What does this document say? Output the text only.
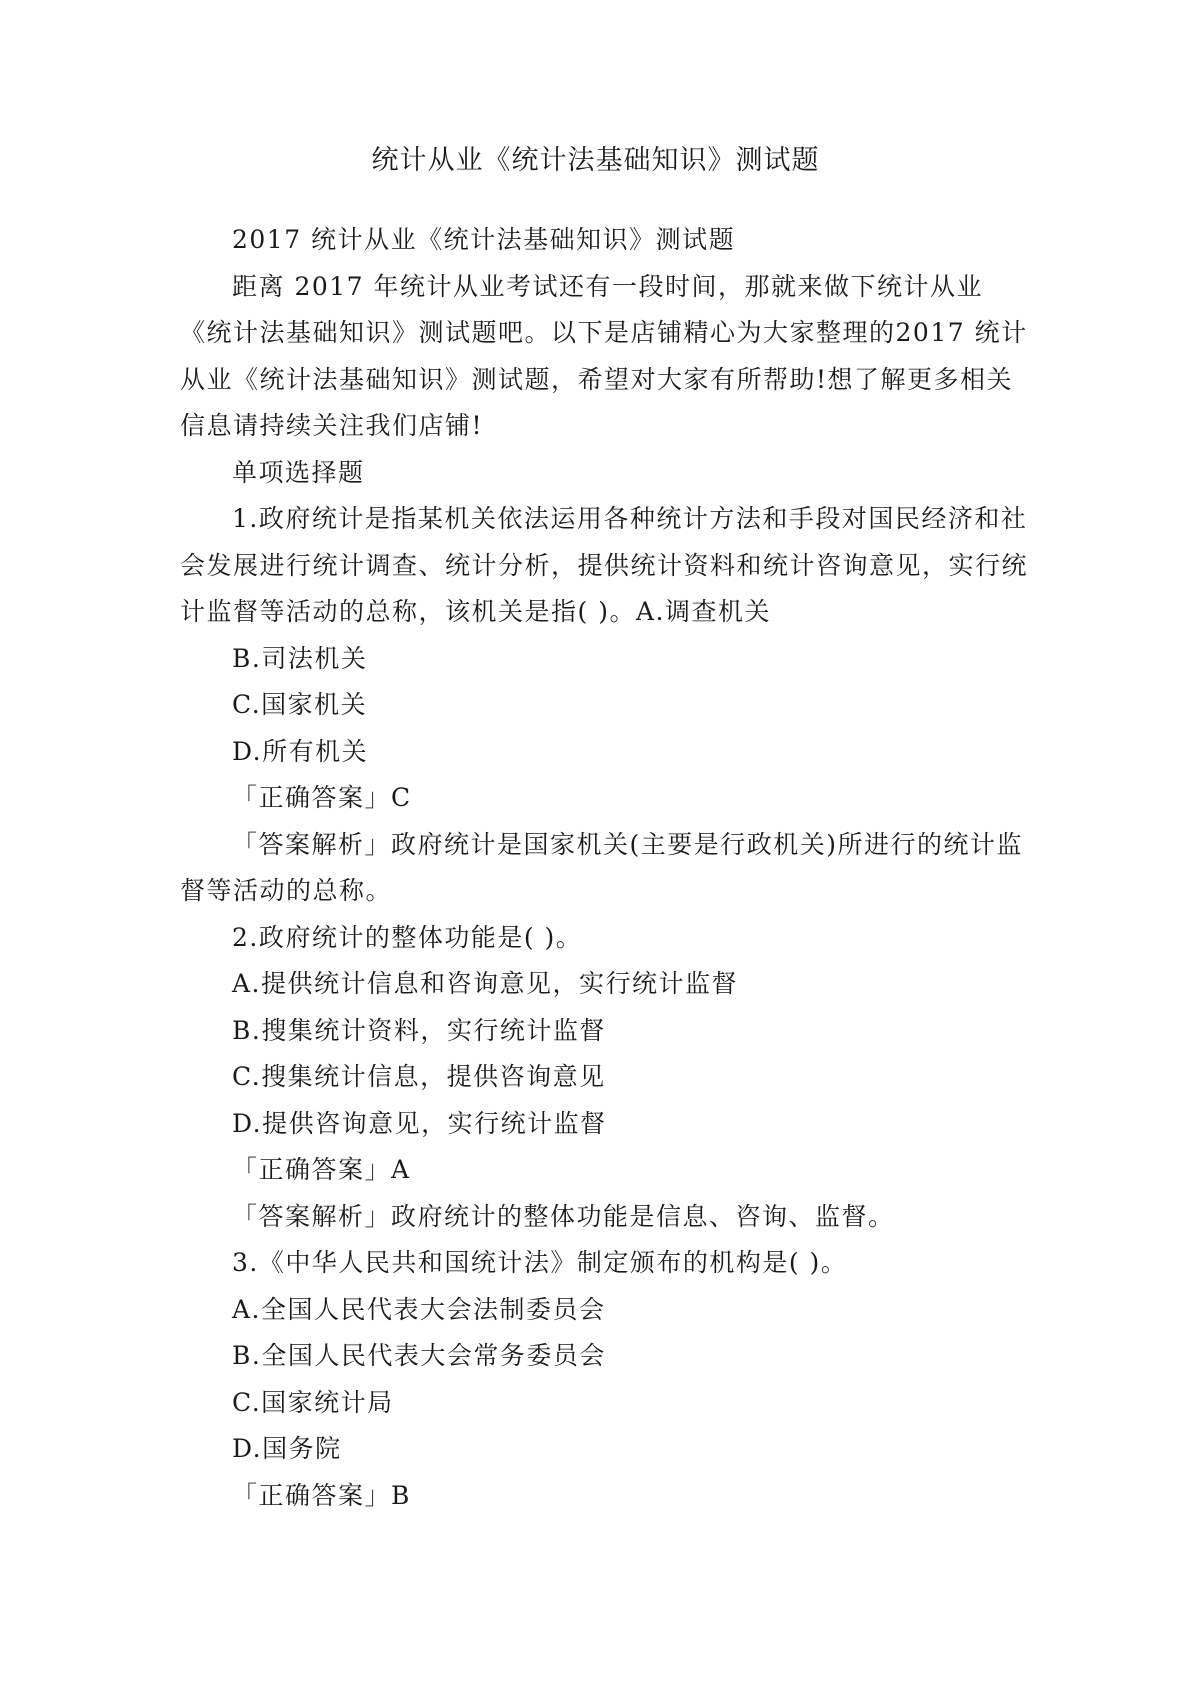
统计从业《统计法基础知识》测试题

2017 统计从业《统计法基础知识》测试题

距离 2017 年统计从业考试还有一段时间，那就来做下统计从业《统计法基础知识》测试题吧。以下是店铺精心为大家整理的2017 统计从业《统计法基础知识》测试题，希望对大家有所帮助!想了解更多相关信息请持续关注我们店铺!

单项选择题

1.政府统计是指某机关依法运用各种统计方法和手段对国民经济和社会发展进行统计调查、统计分析，提供统计资料和统计咨询意见，实行统计监督等活动的总称，该机关是指( )。A.调查机关

B.司法机关

C.国家机关

D.所有机关

「正确答案」C

「答案解析」政府统计是国家机关(主要是行政机关)所进行的统计监督等活动的总称。

2.政府统计的整体功能是( )。

A.提供统计信息和咨询意见，实行统计监督

B.搜集统计资料，实行统计监督

C.搜集统计信息，提供咨询意见

D.提供咨询意见，实行统计监督

「正确答案」A

「答案解析」政府统计的整体功能是信息、咨询、监督。

3.《中华人民共和国统计法》制定颁布的机构是( )。

A.全国人民代表大会法制委员会

B.全国人民代表大会常务委员会

C.国家统计局

D.国务院

「正确答案」B
